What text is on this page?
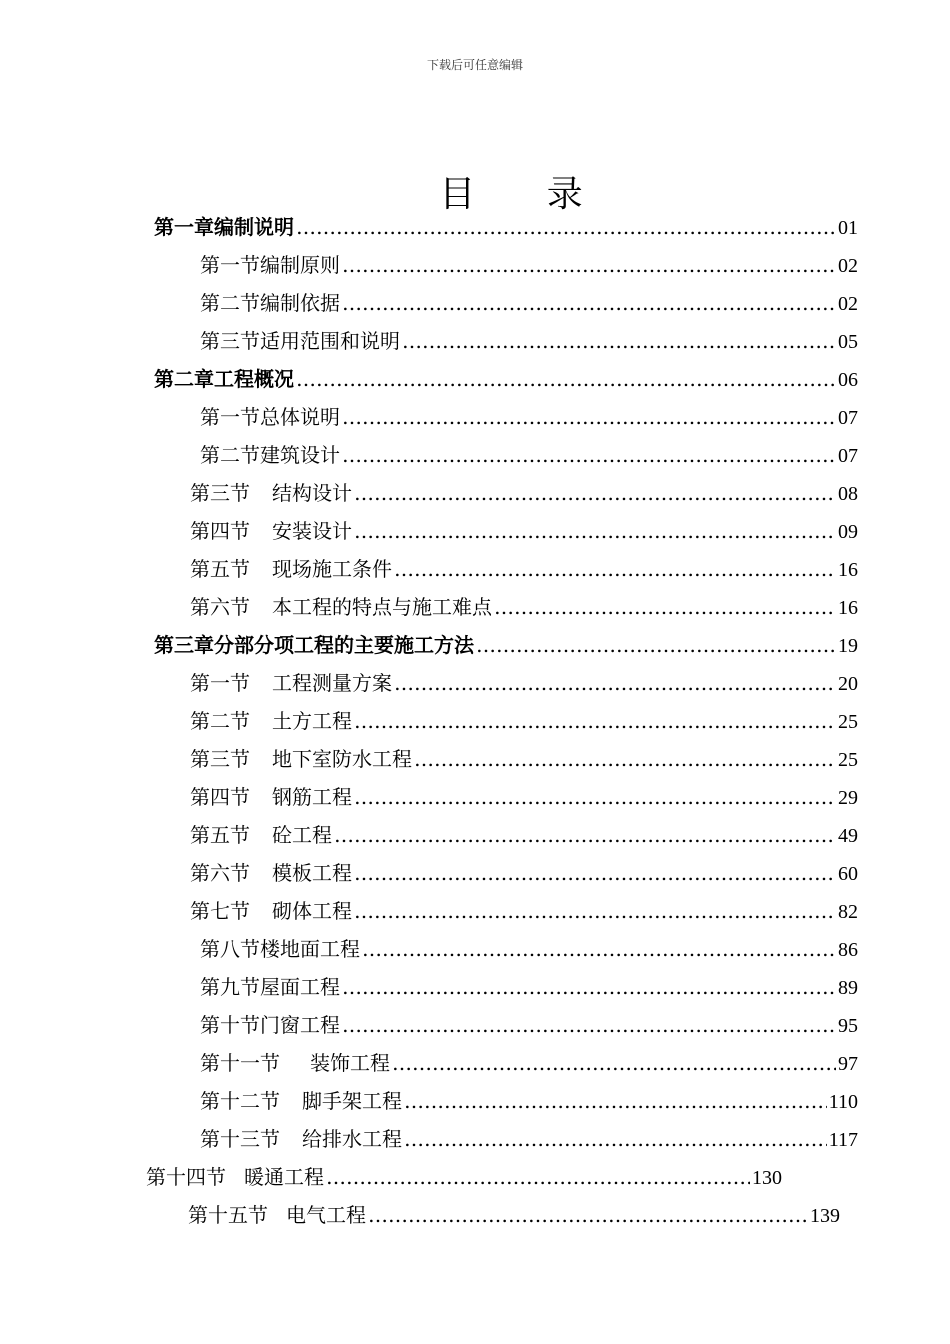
下载后可任意编辑
目 录
第一章编制说明 …………………………………………………………………………………………………………………………………………………………………………	01
第一节编制原则 …………………………………………………………………………………………………………………………………………………………………………	02
第二节编制依据 …………………………………………………………………………………………………………………………………………………………………………	02
第三节适用范围和说明 …………………………………………………………………………………………………………………………………………………………………………	05
第二章工程概况 …………………………………………………………………………………………………………………………………………………………………………	06
第一节总体说明 …………………………………………………………………………………………………………………………………………………………………………	07
第二节建筑设计 …………………………………………………………………………………………………………………………………………………………………………	07
第三节 结构设计 …………………………………………………………………………………………………………………………………………………………………………	08
第四节 安装设计 …………………………………………………………………………………………………………………………………………………………………………	09
第五节 现场施工条件 …………………………………………………………………………………………………………………………………………………………………………	16
第六节 本工程的特点与施工难点 …………………………………………………………………………………………………………………………………………………………………………	16
第三章分部分项工程的主要施工方法 …………………………………………………………………………………………………………………………………………………………………………	19
第一节 工程测量方案 …………………………………………………………………………………………………………………………………………………………………………	20
第二节 土方工程 …………………………………………………………………………………………………………………………………………………………………………	25
第三节 地下室防水工程 …………………………………………………………………………………………………………………………………………………………………………	25
第四节 钢筋工程 …………………………………………………………………………………………………………………………………………………………………………	29
第五节 砼工程 …………………………………………………………………………………………………………………………………………………………………………	49
第六节 模板工程 …………………………………………………………………………………………………………………………………………………………………………	60
第七节 砌体工程 …………………………………………………………………………………………………………………………………………………………………………	82
第八节楼地面工程 …………………………………………………………………………………………………………………………………………………………………………	86
第九节屋面工程 …………………………………………………………………………………………………………………………………………………………………………	89
第十节门窗工程 …………………………………………………………………………………………………………………………………………………………………………	95
第十一节 装饰工程 …………………………………………………………………………………………………………………………………………………………………………	97
第十二节 脚手架工程 …………………………………………………………………………………………………………………………………………………………………………	110
第十三节 给排水工程 …………………………………………………………………………………………………………………………………………………………………………	117
第十四节 暖通工程 …………………………………………………………………………………………………………………………………………………………………………	130
第十五节 电气工程 …………………………………………………………………………………………………………………………………………………………………………	139
